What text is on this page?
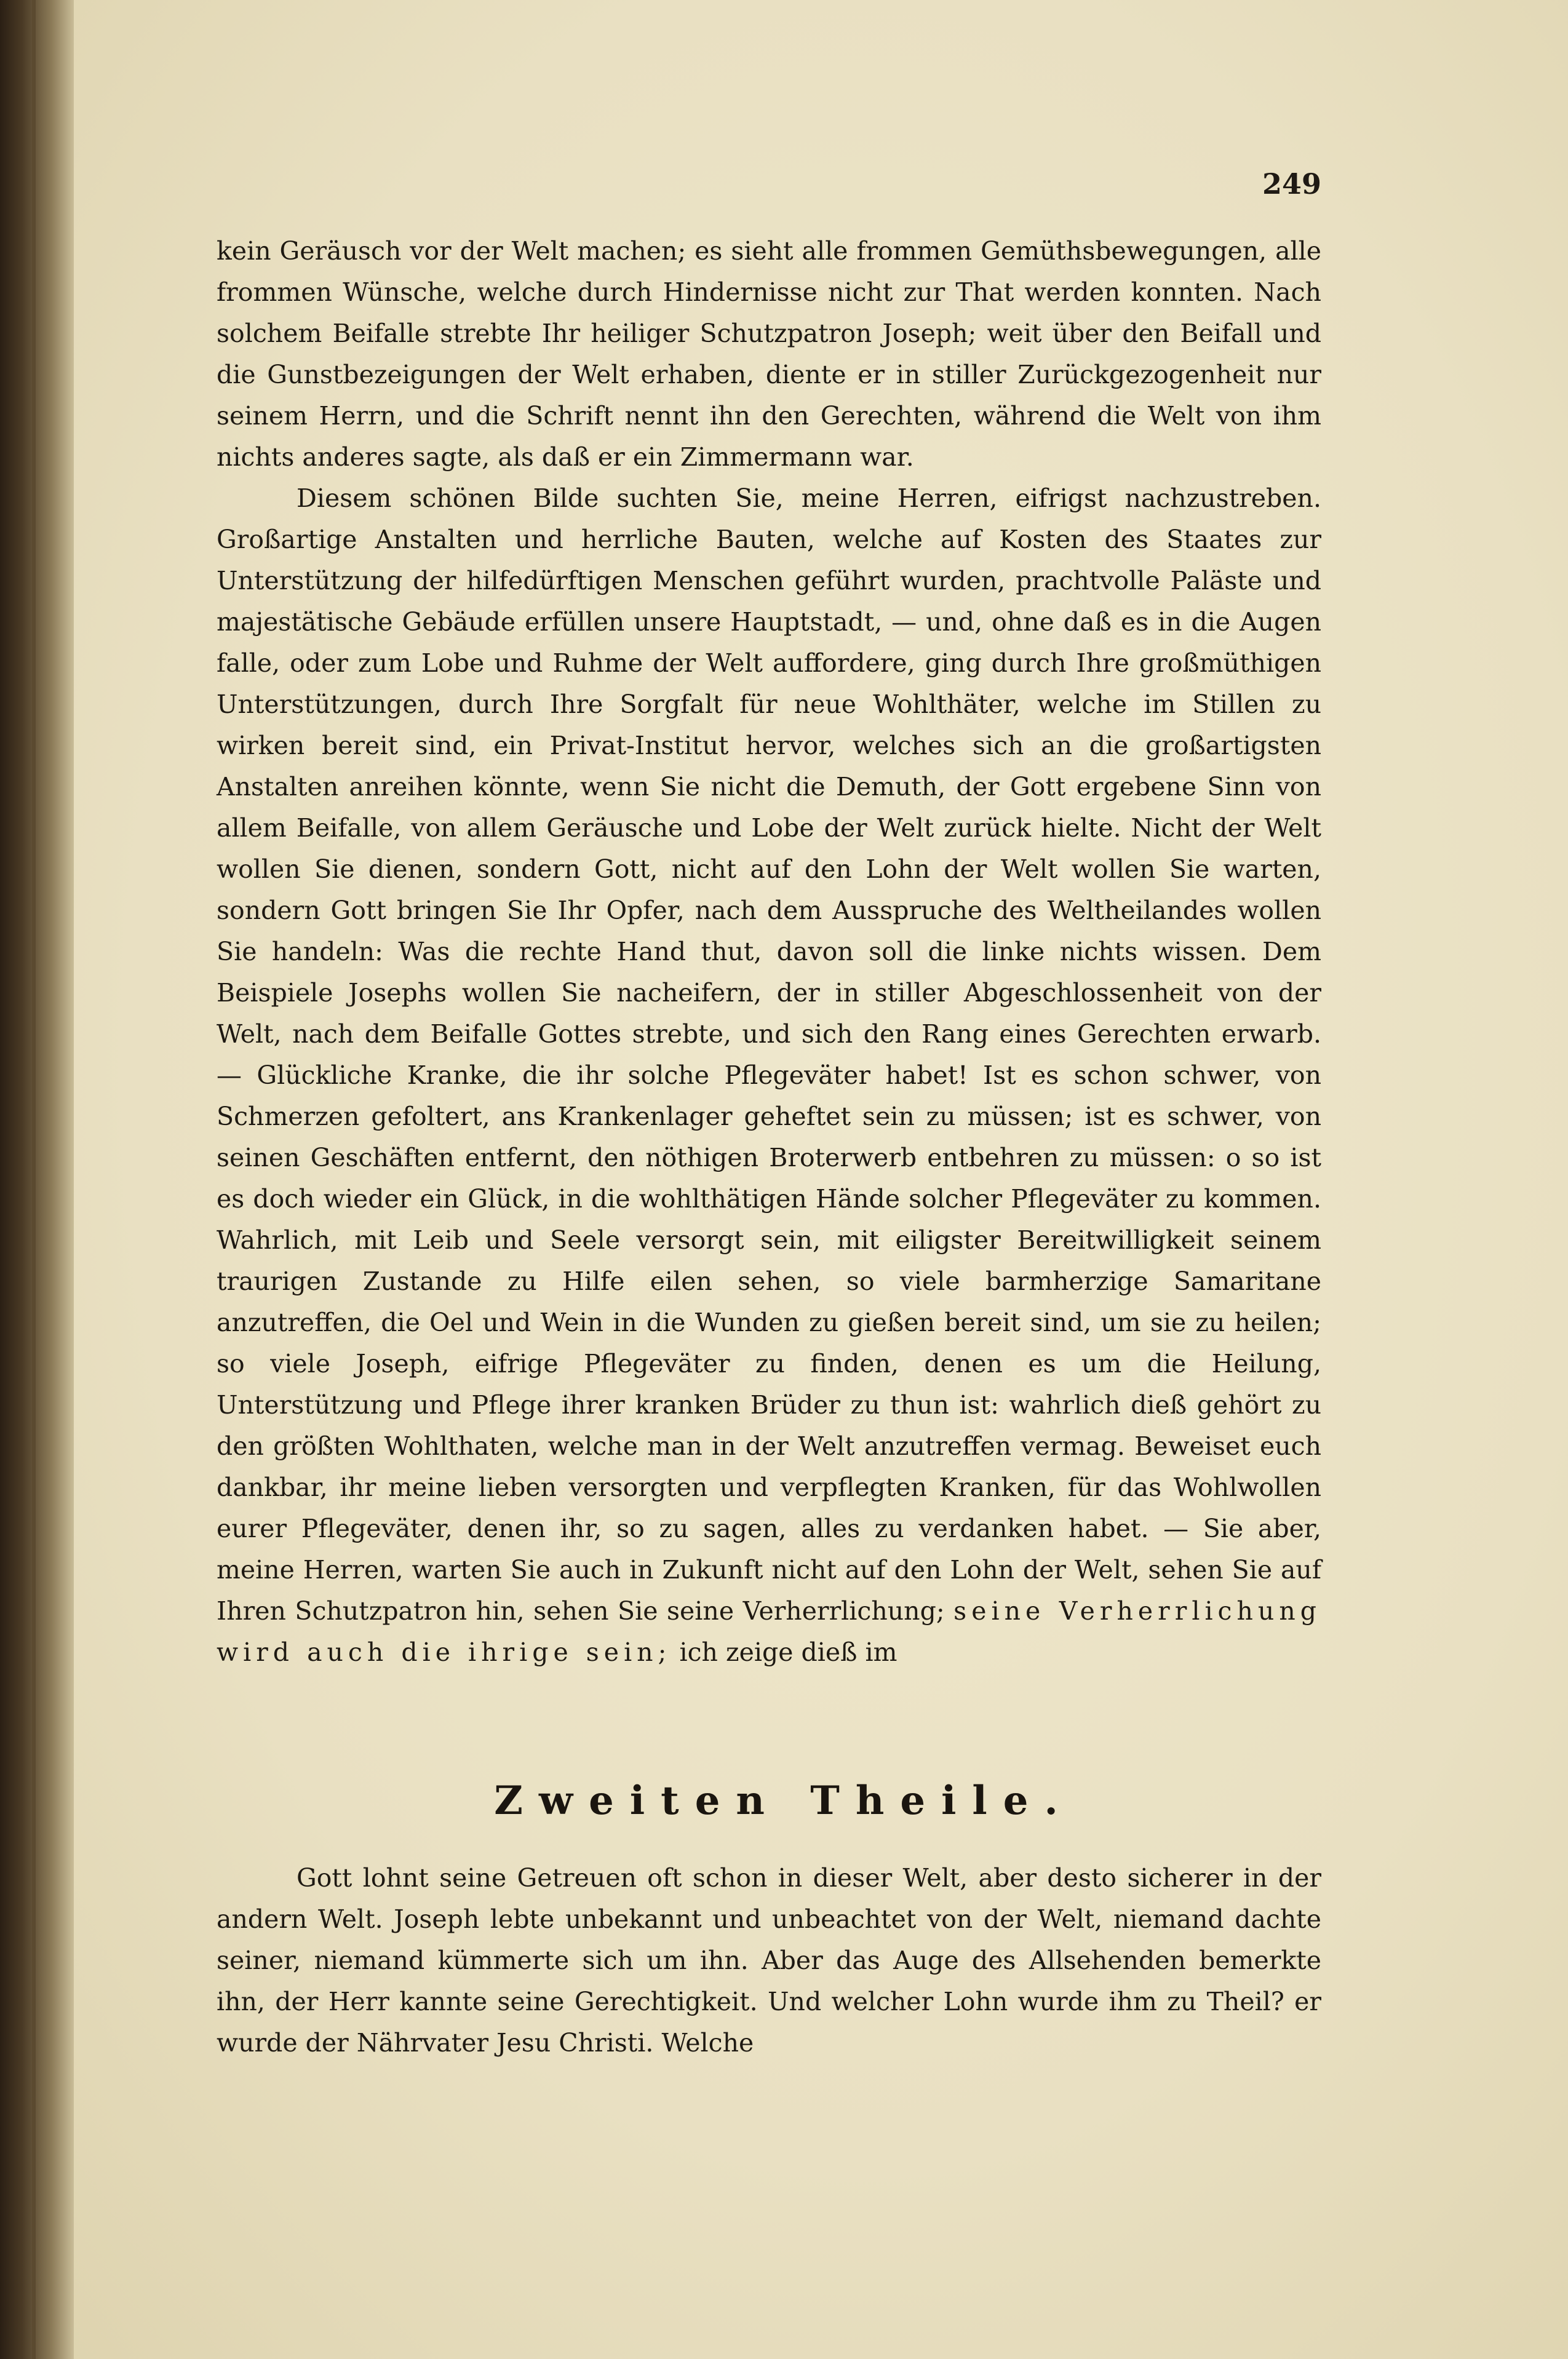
249

kein Geräusch vor der Welt machen; es sieht alle frommen Gemüthsbewegungen, alle frommen Wünsche, welche durch Hindernisse nicht zur That werden konnten. Nach solchem Beifalle strebte Ihr heiliger Schutzpatron Joseph; weit über den Beifall und die Gunstbezeigungen der Welt erhaben, diente er in stiller Zurückgezogenheit nur seinem Herrn, und die Schrift nennt ihn den Gerechten, während die Welt von ihm nichts anderes sagte, als daß er ein Zimmermann war.

Diesem schönen Bilde suchten Sie, meine Herren, eifrigst nachzustreben. Großartige Anstalten und herrliche Bauten, welche auf Kosten des Staates zur Unterstützung der hilfedürftigen Menschen geführt wurden, prachtvolle Paläste und majestätische Gebäude erfüllen unsere Hauptstadt, — und, ohne daß es in die Augen falle, oder zum Lobe und Ruhme der Welt auffordere, ging durch Ihre großmüthigen Unterstützungen, durch Ihre Sorgfalt für neue Wohlthäter, welche im Stillen zu wirken bereit sind, ein Privat-Institut hervor, welches sich an die großartigsten Anstalten anreihen könnte, wenn Sie nicht die Demuth, der Gott ergebene Sinn von allem Beifalle, von allem Geräusche und Lobe der Welt zurück hielte. Nicht der Welt wollen Sie dienen, sondern Gott, nicht auf den Lohn der Welt wollen Sie warten, sondern Gott bringen Sie Ihr Opfer, nach dem Ausspruche des Weltheilandes wollen Sie handeln: Was die rechte Hand thut, davon soll die linke nichts wissen. Dem Beispiele Josephs wollen Sie nacheifern, der in stiller Abgeschlossenheit von der Welt, nach dem Beifalle Gottes strebte, und sich den Rang eines Gerechten erwarb. — Glückliche Kranke, die ihr solche Pflegeväter habet! Ist es schon schwer, von Schmerzen gefoltert, ans Krankenlager geheftet sein zu müssen; ist es schwer, von seinen Geschäften entfernt, den nöthigen Broterwerb entbehren zu müssen: o so ist es doch wieder ein Glück, in die wohlthätigen Hände solcher Pflegeväter zu kommen. Wahrlich, mit Leib und Seele versorgt sein, mit eiligster Bereitwilligkeit seinem traurigen Zustande zu Hilfe eilen sehen, so viele barmherzige Samaritane anzutreffen, die Oel und Wein in die Wunden zu gießen bereit sind, um sie zu heilen; so viele Joseph, eifrige Pflegeväter zu finden, denen es um die Heilung, Unterstützung und Pflege ihrer kranken Brüder zu thun ist: wahrlich dieß gehört zu den größten Wohlthaten, welche man in der Welt anzutreffen vermag. Beweiset euch dankbar, ihr meine lieben versorgten und verpflegten Kranken, für das Wohlwollen eurer Pflegeväter, denen ihr, so zu sagen, alles zu verdanken habet. — Sie aber, meine Herren, warten Sie auch in Zukunft nicht auf den Lohn der Welt, sehen Sie auf Ihren Schutzpatron hin, sehen Sie seine Verherrlichung; seine Verherrlichung wird auch die ihrige sein; ich zeige dieß im

Zweiten Theile.

Gott lohnt seine Getreuen oft schon in dieser Welt, aber desto sicherer in der andern Welt. Joseph lebte unbekannt und unbeachtet von der Welt, niemand dachte seiner, niemand kümmerte sich um ihn. Aber das Auge des Allsehenden bemerkte ihn, der Herr kannte seine Gerechtigkeit. Und welcher Lohn wurde ihm zu Theil? er wurde der Nährvater Jesu Christi. Welche
